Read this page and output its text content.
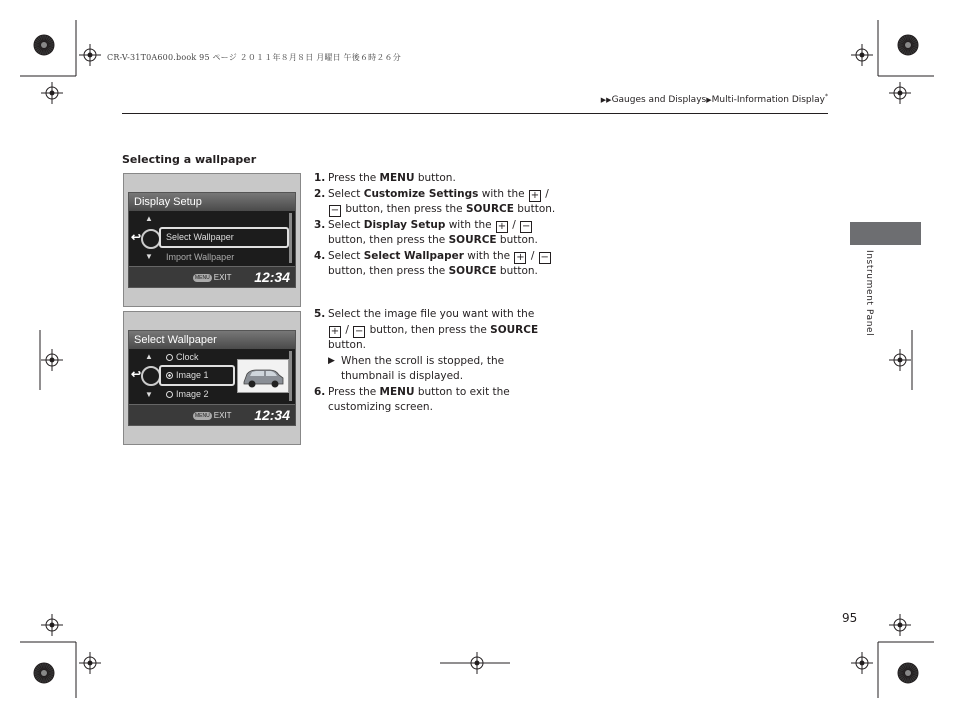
CR-V-31T0A600.book 95 ページ ２０１１年８月８日 月曜日 午後６時２６分
▶▶Gauges and Displays▶Multi-Information Display*
Selecting a wallpaper
Display Setup
▲
↩	Select Wallpaper
▼ Import Wallpaper
MENU EXIT 12:34
Select Wallpaper
▲	Clock
↩	Image 1
▼	Image 2
MENU EXIT 12:34
1. Press the MENU button.
2. Select Customize Settings with the + /
− button, then press the SOURCE button.
3. Select Display Setup with the + / −
button, then press the SOURCE button.
4. Select Select Wallpaper with the + / −
button, then press the SOURCE button.
5. Select the image file you want with the
+ / − button, then press the SOURCE button.
▶ When the scroll is stopped, the thumbnail is displayed.
6. Press the MENU button to exit the customizing screen.
Instrument Panel
95
